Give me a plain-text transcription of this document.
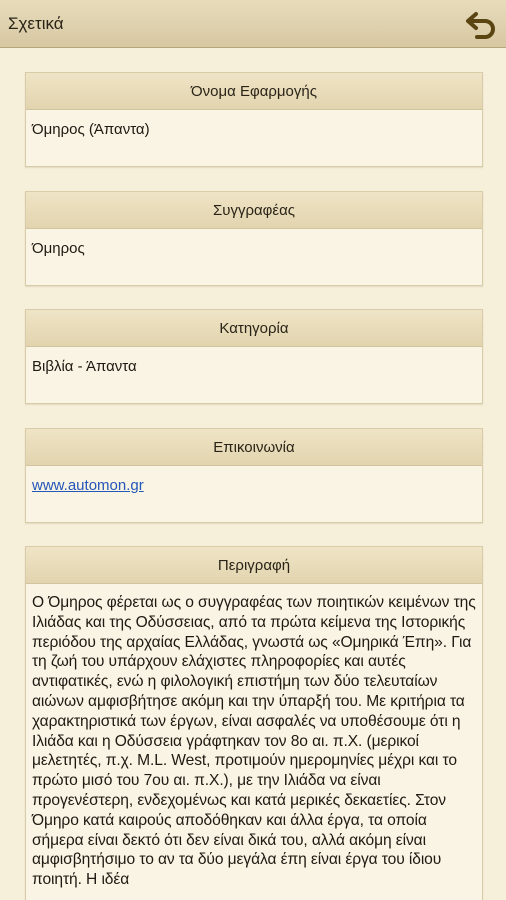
Σχετικά
Όνομα Εφαρμογής
Όμηρος (Άπαντα)
Συγγραφέας
Όμηρος
Κατηγορία
Βιβλία - Άπαντα
Επικοινωνία
www.automon.gr
Περιγραφή
Ο Όμηρος φέρεται ως ο συγγραφέας των ποιητικών κειμένων της Ιλιάδας και της Οδύσσειας, από τα πρώτα κείμενα της Ιστορικής περιόδου της αρχαίας Ελλάδας, γνωστά ως «Ομηρικά Έπη». Για τη ζωή του υπάρχουν ελάχιστες πληροφορίες και αυτές αντιφατικές, ενώ η φιλολογική επιστήμη των δύο τελευταίων αιώνων αμφισβήτησε ακόμη και την ύπαρξή του. Με κριτήρια τα χαρακτηριστικά των έργων, είναι ασφαλές να υποθέσουμε ότι η Ιλιάδα και η Οδύσσεια γράφτηκαν τον 8ο αι. π.Χ. (μερικοί μελετητές, π.χ. M.L. West, προτιμούν ημερομηνίες μέχρι και το πρώτο μισό του 7ου αι. π.Χ.), με την Ιλιάδα να είναι προγενέστερη, ενδεχομένως και κατά μερικές δεκαετίες. Στον Όμηρο κατά καιρούς αποδόθηκαν και άλλα έργα, τα οποία σήμερα είναι δεκτό ότι δεν είναι δικά του, αλλά ακόμη είναι αμφισβητήσιμο το αν τα δύο μεγάλα έπη είναι έργα του ίδιου ποιητή. Η ιδέα
